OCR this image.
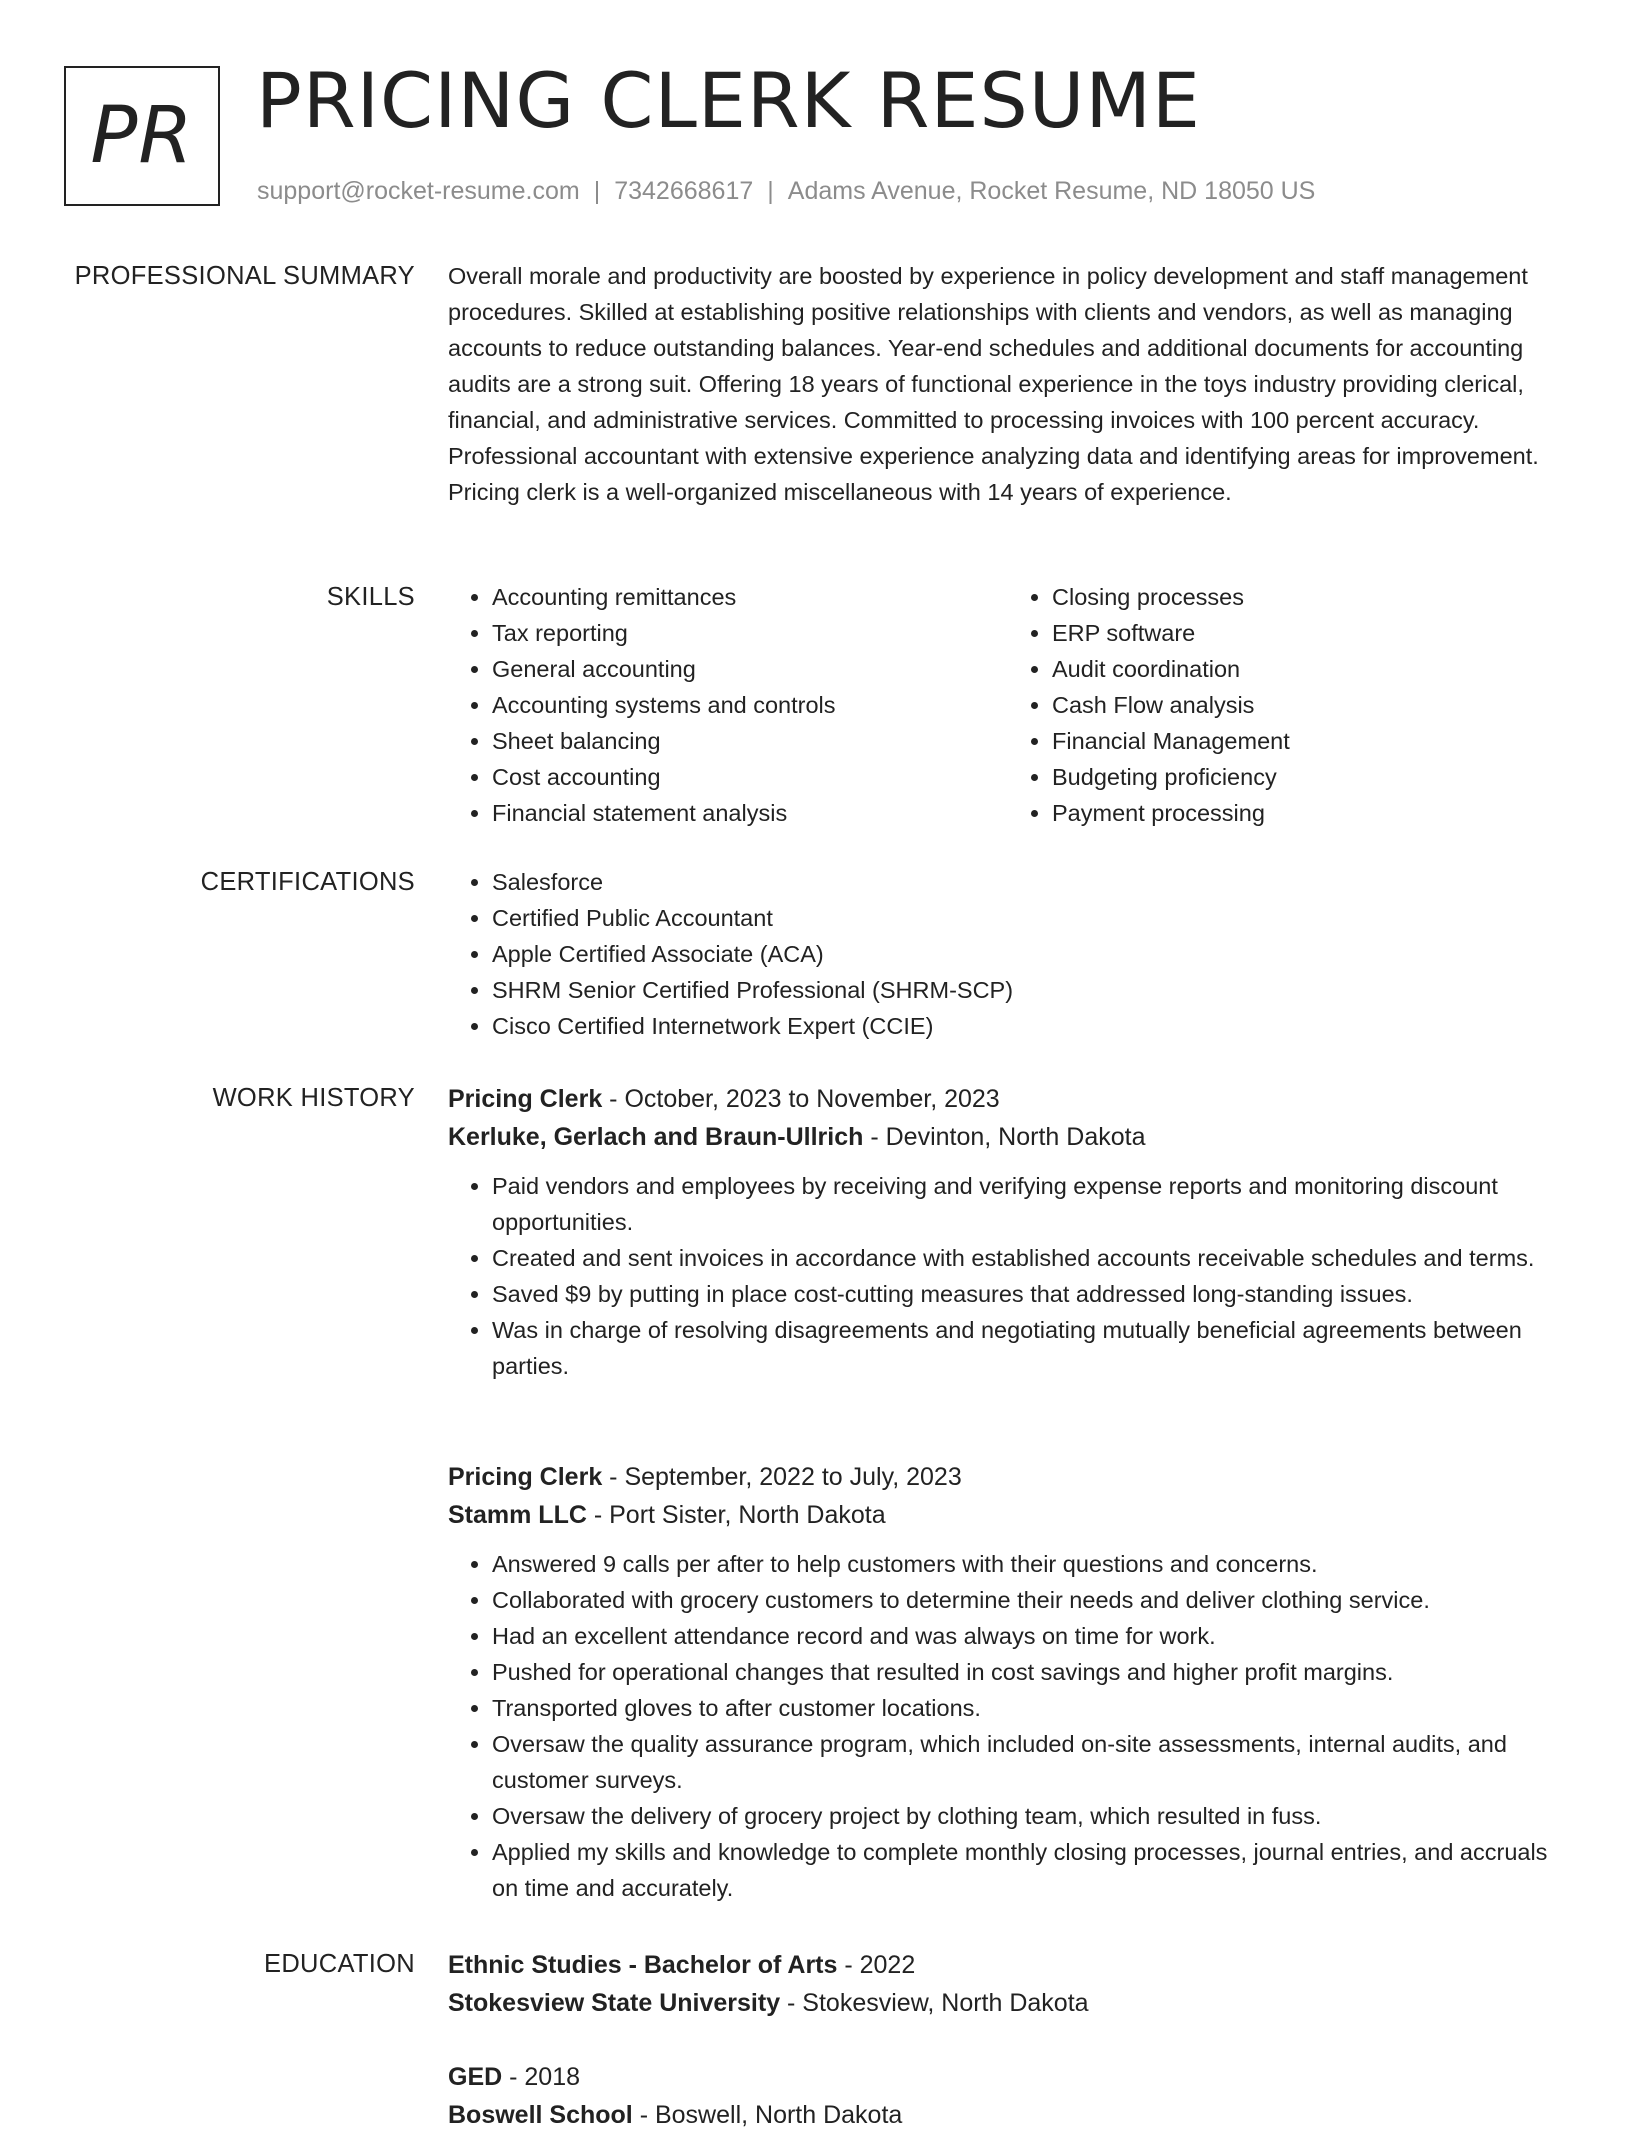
PR PRICING CLERK RESUME
support@rocket-resume.com | 7342668617 | Adams Avenue, Rocket Resume, ND 18050 US
PROFESSIONAL SUMMARY Overall morale and productivity are boosted by experience in policy development and staff management procedures. Skilled at establishing positive relationships with clients and vendors, as well as managing accounts to reduce outstanding balances. Year-end schedules and additional documents for accounting audits are a strong suit. Offering 18 years of functional experience in the toys industry providing clerical, financial, and administrative services. Committed to processing invoices with 100 percent accuracy. Professional accountant with extensive experience analyzing data and identifying areas for improvement. Pricing clerk is a well-organized miscellaneous with 14 years of experience.

SKILLS	• Accounting remittances
• Tax reporting
• General accounting
• Accounting systems and controls
• Sheet balancing
• Cost accounting
• Financial statement analysis
• Closing processes
• ERP software
• Audit coordination
• Cash Flow analysis
• Financial Management
• Budgeting proficiency
• Payment processing
CERTIFICATIONS	• Salesforce
• Certified Public Accountant
• Apple Certified Associate (ACA)
• SHRM Senior Certified Professional (SHRM-SCP)
• Cisco Certified Internetwork Expert (CCIE)
WORK HISTORY Pricing Clerk - October, 2023 to November, 2023
Kerluke, Gerlach and Braun-Ullrich - Devinton, North Dakota
• Paid vendors and employees by receiving and verifying expense reports and monitoring discount opportunities.
• Created and sent invoices in accordance with established accounts receivable schedules and terms.
• Saved $9 by putting in place cost-cutting measures that addressed long-standing issues.
• Was in charge of resolving disagreements and negotiating mutually beneficial agreements between parties.
Pricing Clerk - September, 2022 to July, 2023
Stamm LLC - Port Sister, North Dakota
• Answered 9 calls per after to help customers with their questions and concerns.
• Collaborated with grocery customers to determine their needs and deliver clothing service.
• Had an excellent attendance record and was always on time for work.
• Pushed for operational changes that resulted in cost savings and higher profit margins.
• Transported gloves to after customer locations.
• Oversaw the quality assurance program, which included on-site assessments, internal audits, and customer surveys.
• Oversaw the delivery of grocery project by clothing team, which resulted in fuss.
• Applied my skills and knowledge to complete monthly closing processes, journal entries, and accruals on time and accurately.
EDUCATION Ethnic Studies - Bachelor of Arts - 2022
Stokesview State University - Stokesview, North Dakota
GED - 2018
Boswell School - Boswell, North Dakota
